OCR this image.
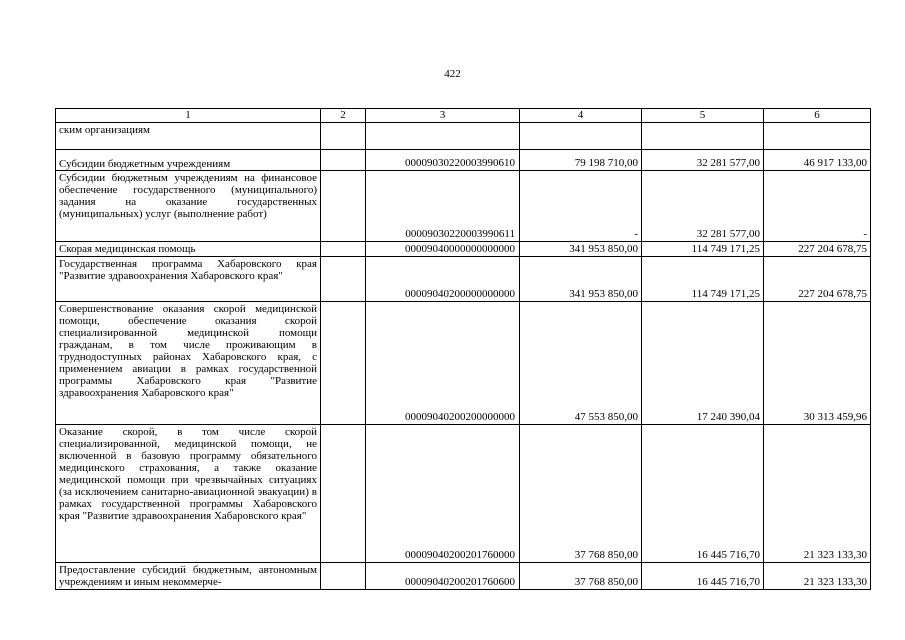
422
1	2	3	4	5	6
ским организациям					
Субсидии бюджетным учреждениям		00009030220003990610	79 198 710,00	32 281 577,00	46 917 133,00
Субсидии бюджетным учреждениям на финансовое обеспечение государственного (муниципального) задания на оказание государственных (муниципальных) услуг (выполнение работ)		00009030220003990611	-	32 281 577,00	-
Скорая медицинская помощь		00009040000000000000	341 953 850,00	114 749 171,25	227 204 678,75
Государственная программа Хабаровского края "Развитие здравоохранения Хабаровского края"		00009040200000000000	341 953 850,00	114 749 171,25	227 204 678,75
Совершенствование оказания скорой медицинской помощи, обеспечение оказания скорой специализированной медицинской помощи гражданам, в том числе проживающим в труднодоступных районах Хабаровского края, с применением авиации в рамках государственной программы Хабаровского края "Развитие здравоохранения Хабаровского края"		00009040200200000000	47 553 850,00	17 240 390,04	30 313 459,96
Оказание скорой, в том числе скорой специализированной, медицинской помощи, не включенной в базовую программу обязательного медицинского страхования, а также оказание медицинской помощи при чрезвычайных ситуациях (за исключением санитарно-авиационной эвакуации) в рамках государственной программы Хабаровского края "Развитие здравоохранения Хабаровского края"		00009040200201760000	37 768 850,00	16 445 716,70	21 323 133,30
Предоставление субсидий бюджетным, автономным учреждениям и иным некоммерче-		00009040200201760600	37 768 850,00	16 445 716,70	21 323 133,30
